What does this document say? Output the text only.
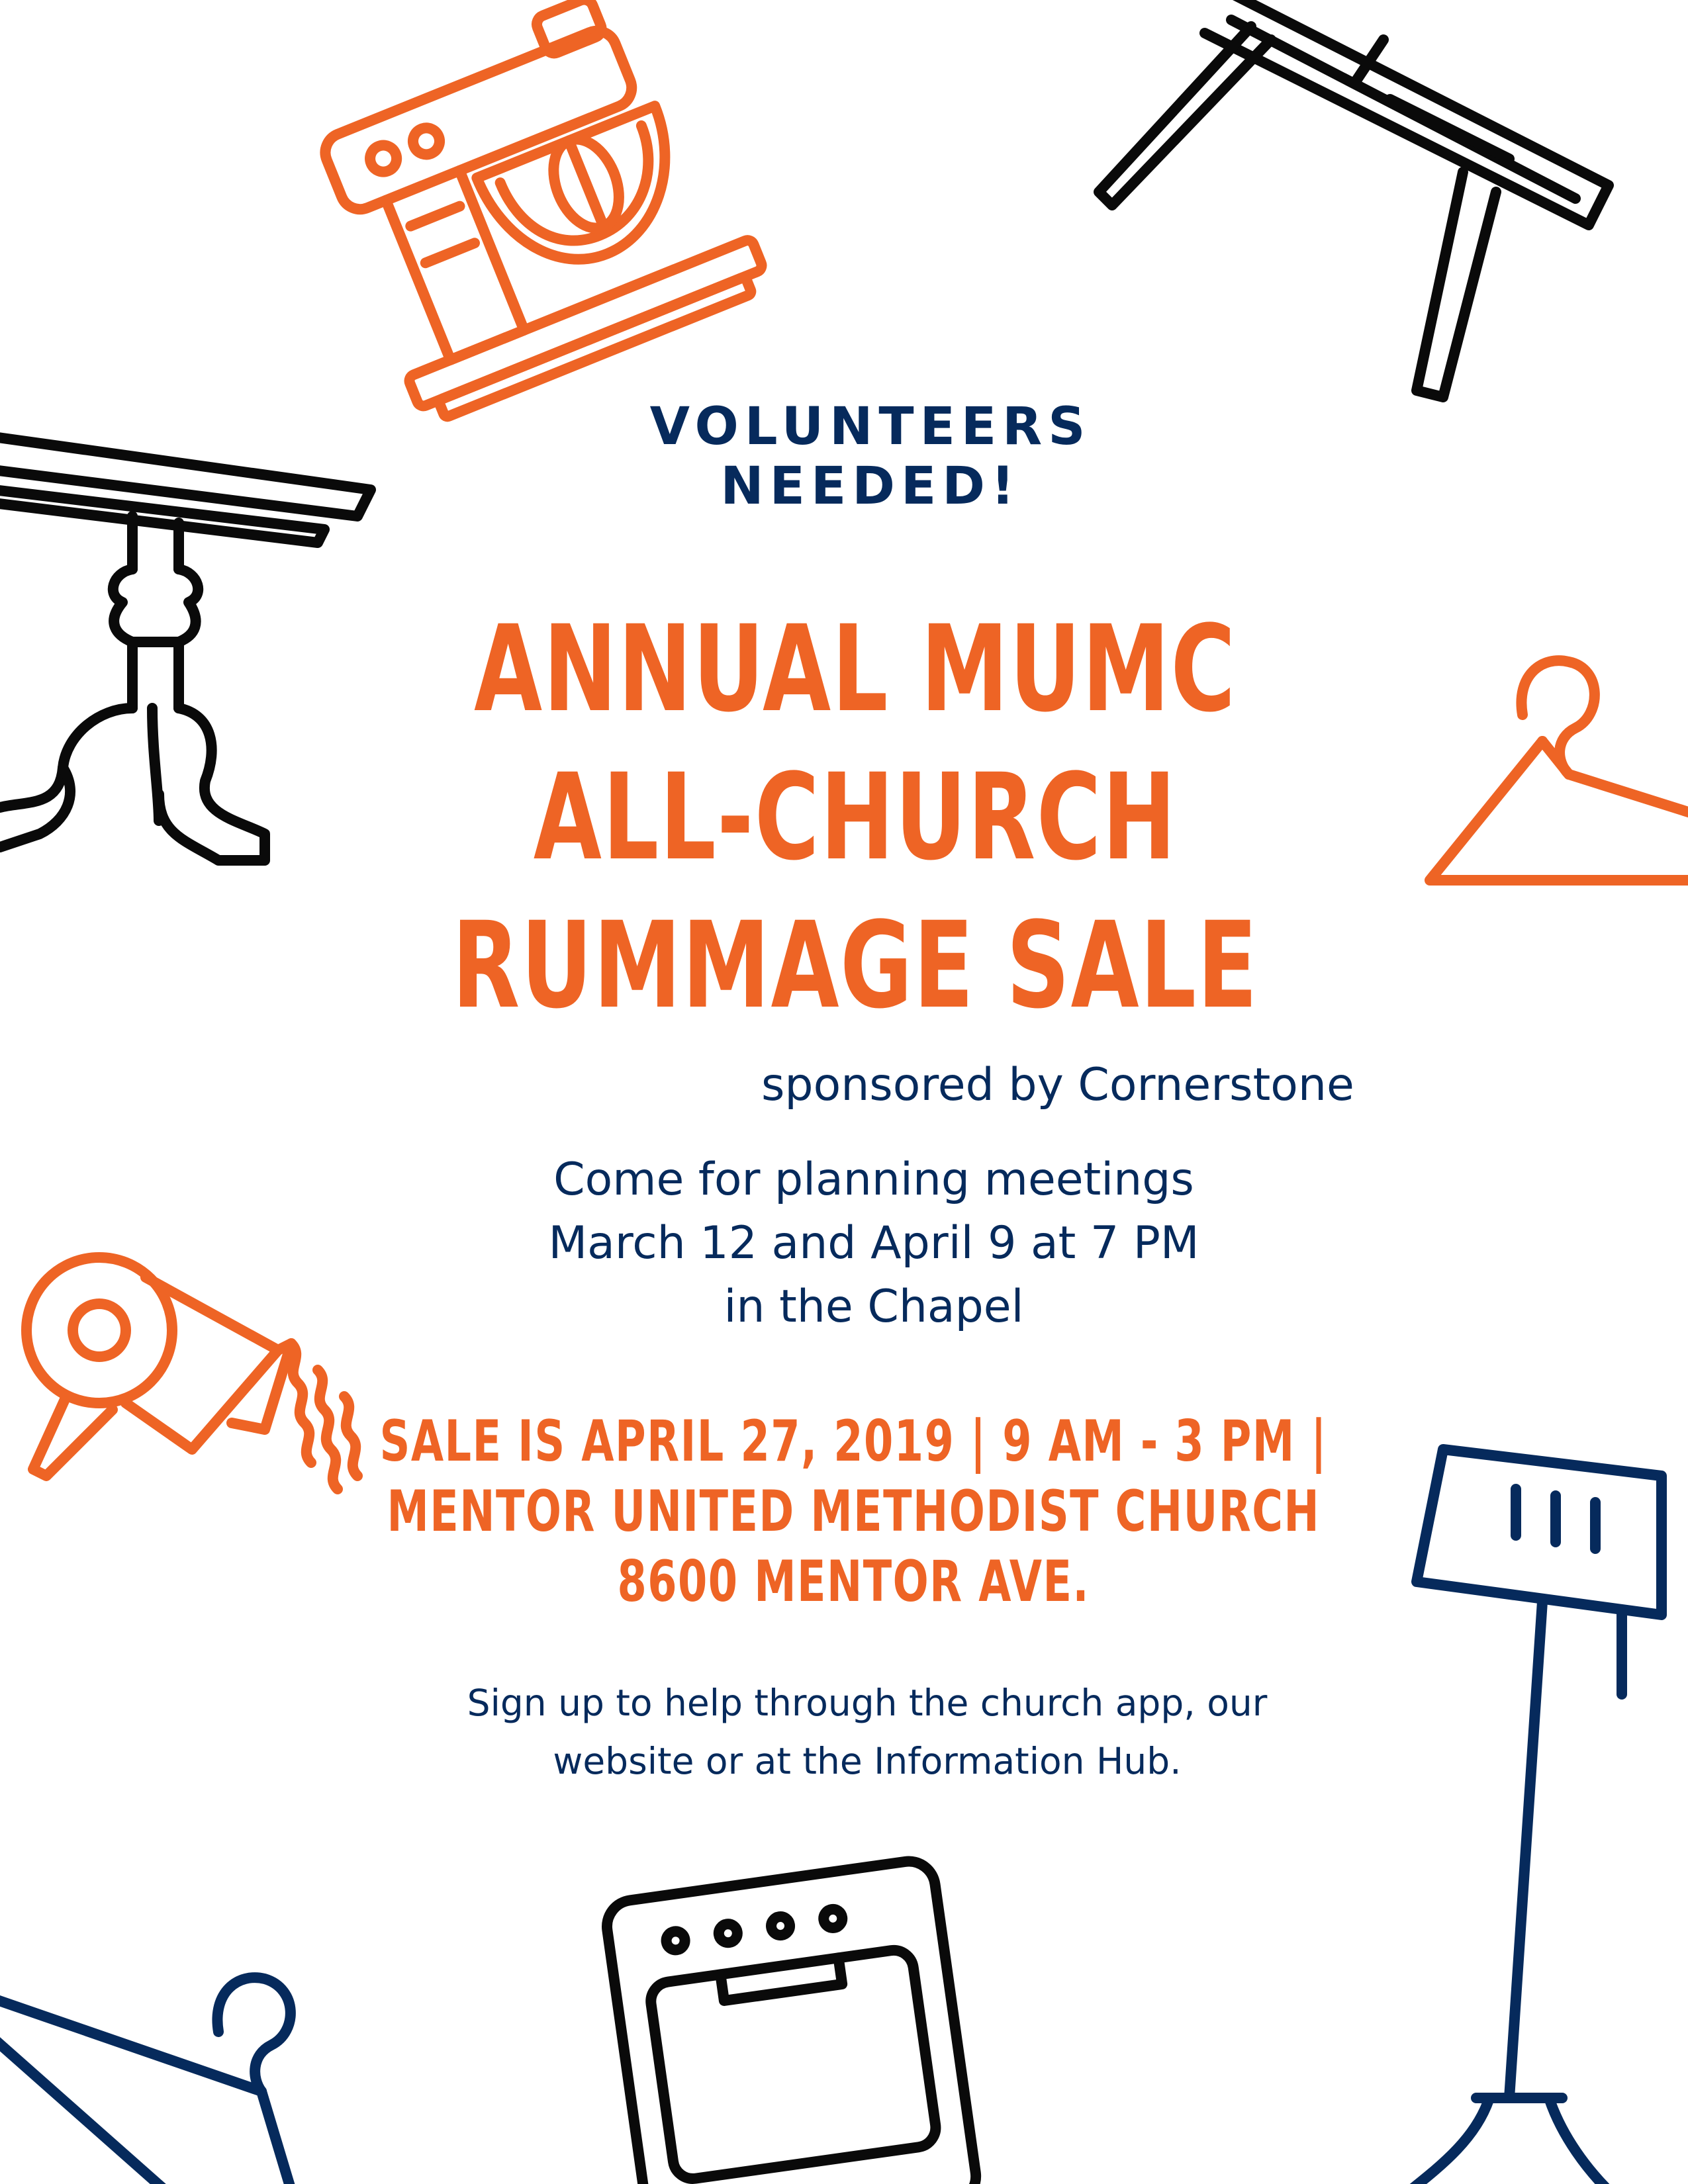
VOLUNTEERS NEEDED!
ANNUAL MUMC
ALL-CHURCH
RUMMAGE SALE
sponsored by Cornerstone
Come for planning meetings
March 12 and April 9 at 7 PM
in the Chapel
SALE IS APRIL 27, 2019 | 9 AM - 3 PM |
MENTOR UNITED METHODIST CHURCH
8600 MENTOR AVE.
Sign up to help through the church app, our
website or at the Information Hub.
